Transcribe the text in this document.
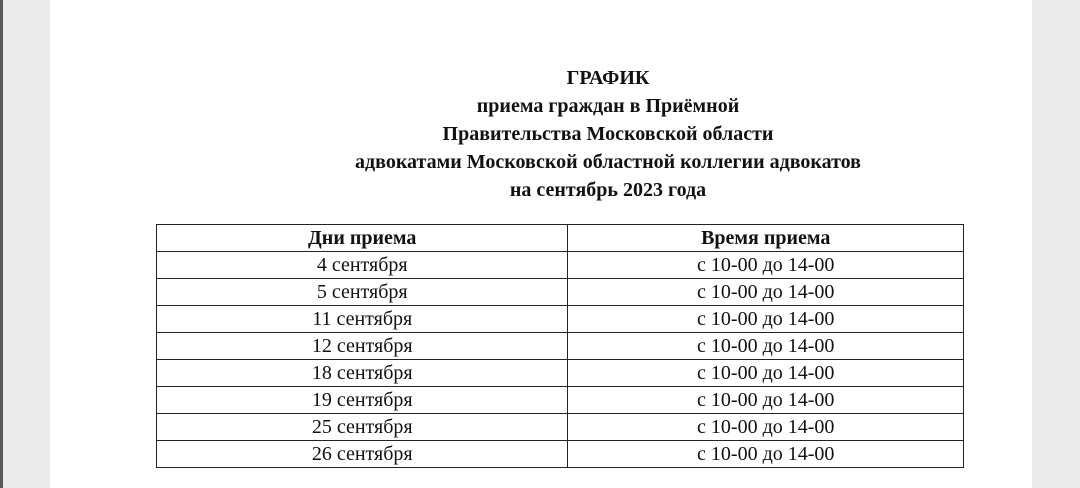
ГРАФИК
приема граждан в Приёмной
Правительства Московской области
адвокатами Московской областной коллегии адвокатов
на сентябрь 2023 года
Дни приема	Время приема
4 сентября	с 10-00 до 14-00
5 сентября	с 10-00 до 14-00
11 сентября	с 10-00 до 14-00
12 сентября	с 10-00 до 14-00
18 сентября	с 10-00 до 14-00
19 сентября	с 10-00 до 14-00
25 сентября	с 10-00 до 14-00
26 сентября	с 10-00 до 14-00
